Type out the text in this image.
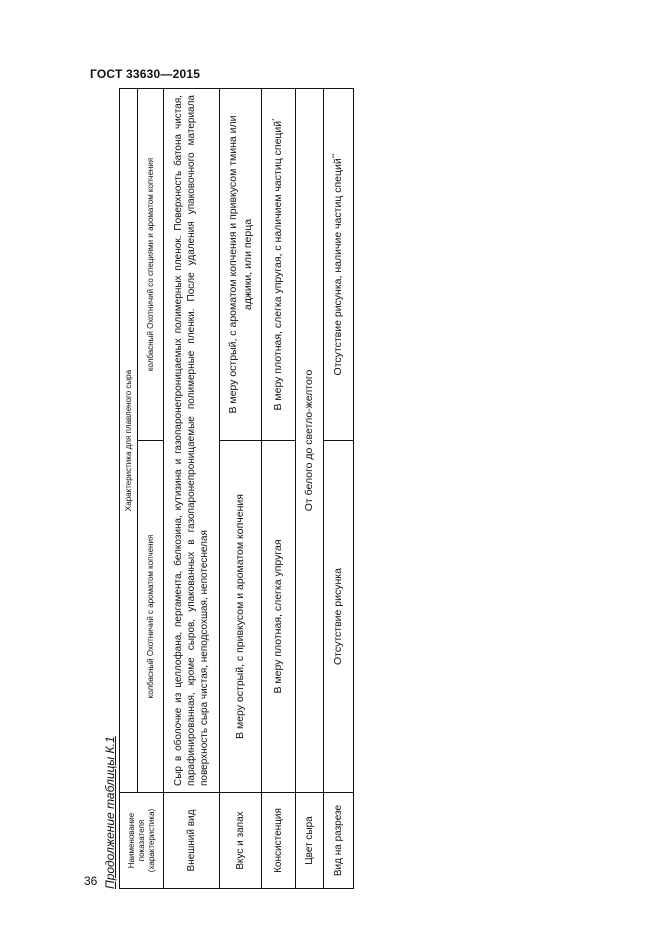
ГОСТ 33630—2015
Продолжение таблицы К.1 Наименование показателя (характеристика)	Характеристика для плавленого сыра	
	колбасный Охотничий с ароматом копчения	колбасный Охотничий со специями и ароматом копчения
Внешний вид	Сыр в оболочке из целлофана, пергамента, белкозина, кутизина и газопаронепроницаемых полимерных пленок. Поверхность батона чистая, парафинированная, кроме сыров, упакованных в газопаронепроницаемые полимерные пленки. После удаления упаковочного материала поверхность сыра чистая, неподсохшая, непотеснелая	
Вкус и запах	В меру острый, с привкусом и ароматом копчения	В меру острый, с ароматом копчения и привкусом тмина или аджики, или перца
Консистенция	В меру плотная, слегка упругая	В меру плотная, слегка упругая, с наличием частиц специй*
Цвет сыра	От белого до светло-желтого	
Вид на разрезе	Отсутствие рисунка	Отсутствие рисунка, наличие частиц специй**
36
